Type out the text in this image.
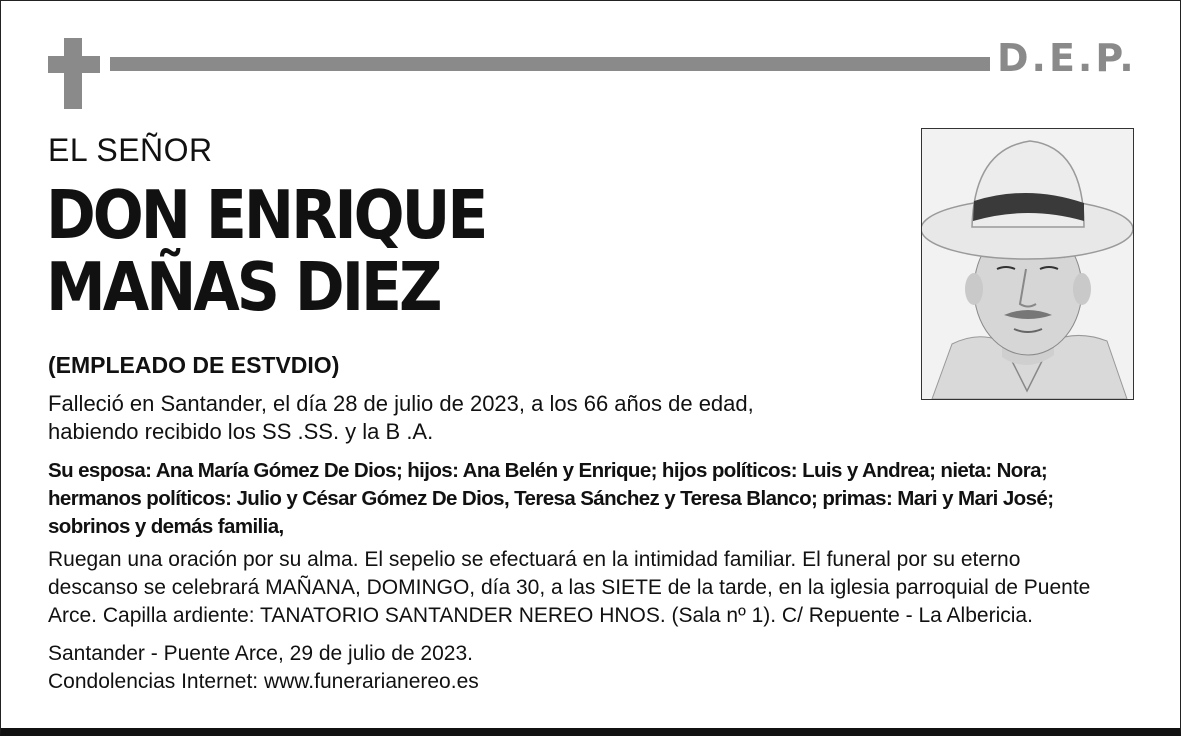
D.E.P.
EL SEÑOR
DON ENRIQUE
MAÑAS DIEZ
(EMPLEADO DE ESTVDIO)
Falleció en Santander, el día 28 de julio de 2023, a los 66 años de edad,
habiendo recibido los SS .SS. y la B .A.
Su esposa: Ana María Gómez De Dios; hijos: Ana Belén y Enrique; hijos políticos: Luis y Andrea; nieta: Nora; hermanos políticos: Julio y César Gómez De Dios, Teresa Sánchez y Teresa Blanco; primas: Mari y Mari José; sobrinos y demás familia,
Ruegan una oración por su alma. El sepelio se efectuará en la intimidad familiar. El funeral por su eterno
descanso se celebrará MAÑANA, DOMINGO, día 30, a las SIETE de la tarde, en la iglesia parroquial de Puente
Arce. Capilla ardiente: TANATORIO SANTANDER NEREO HNOS. (Sala nº 1). C/ Repuente - La Albericia.
Santander - Puente Arce, 29 de julio de 2023.
Condolencias Internet: www.funerarianereo.es
